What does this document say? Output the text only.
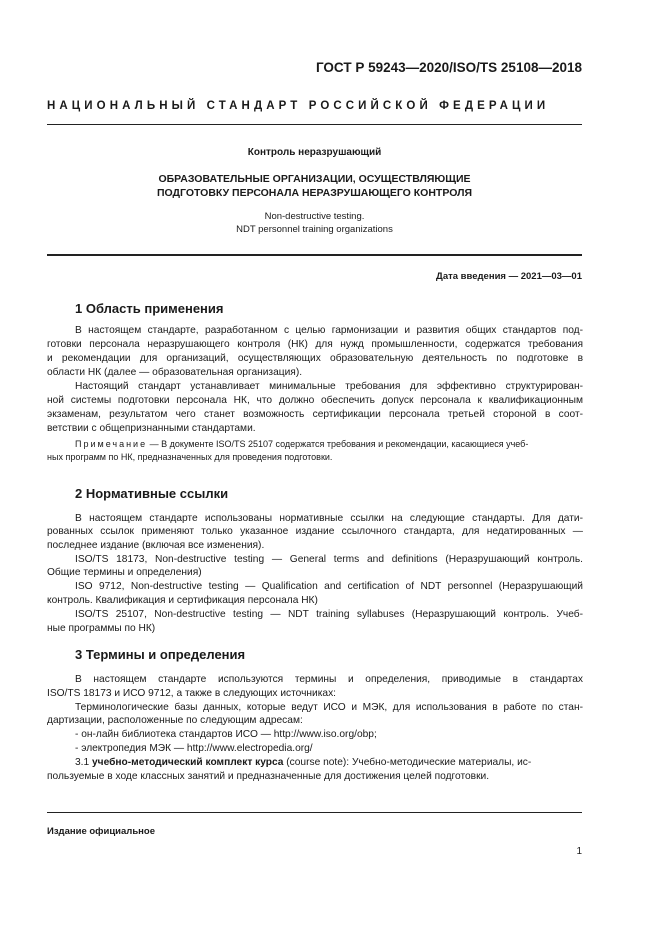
ГОСТ Р 59243—2020/ISO/TS 25108—2018
НАЦИОНАЛЬНЫЙ СТАНДАРТ РОССИЙСКОЙ ФЕДЕРАЦИИ
Контроль неразрушающий
ОБРАЗОВАТЕЛЬНЫЕ ОРГАНИЗАЦИИ, ОСУЩЕСТВЛЯЮЩИЕ
ПОДГОТОВКУ ПЕРСОНАЛА НЕРАЗРУШАЮЩЕГО КОНТРОЛЯ
Non-destructive testing.
NDT personnel training organizations
Дата введения — 2021—03—01
1 Область применения
В настоящем стандарте, разработанном с целью гармонизации и развития общих стандартов под-
готовки персонала неразрушающего контроля (НК) для нужд промышленности, содержатся требования
и рекомендации для организаций, осуществляющих образовательную деятельность по подготовке в
области НК (далее — образовательная организация).
Настоящий стандарт устанавливает минимальные требования для эффективно структурирован-
ной системы подготовки персонала НК, что должно обеспечить допуск персонала к квалификационным
экзаменам, результатом чего станет возможность сертификации персонала третьей стороной в соот-
ветствии с общепризнанными стандартами.
Примечание — В документе ISO/TS 25107 содержатся требования и рекомендации, касающиеся учеб-
ных программ по НК, предназначенных для проведения подготовки.
2 Нормативные ссылки
В настоящем стандарте использованы нормативные ссылки на следующие стандарты. Для дати-
рованных ссылок применяют только указанное издание ссылочного стандарта, для недатированных —
последнее издание (включая все изменения).
ISO/TS 18173, Non-destructive testing — General terms and definitions (Неразрушающий контроль.
Общие термины и определения)
ISO 9712, Non-destructive testing — Qualification and certification of NDT personnel (Неразрушающий
контроль. Квалификация и сертификация персонала НК)
ISO/TS 25107, Non-destructive testing — NDT training syllabuses (Неразрушающий контроль. Учеб-
ные программы по НК)
3 Термины и определения
В настоящем стандарте используются термины и определения, приводимые в стандартах
ISO/TS 18173 и ИСО 9712, а также в следующих источниках:
Терминологические базы данных, которые ведут ИСО и МЭК, для использования в работе по стан-
дартизации, расположенные по следующим адресам:
- он-лайн библиотека стандартов ИСО — http://www.iso.org/obp;
- электропедия МЭК — http://www.electropedia.org/
3.1 учебно-методический комплект курса (course note): Учебно-методические материалы, ис-
пользуемые в ходе классных занятий и предназначенные для достижения целей подготовки.
Издание официальное
1
